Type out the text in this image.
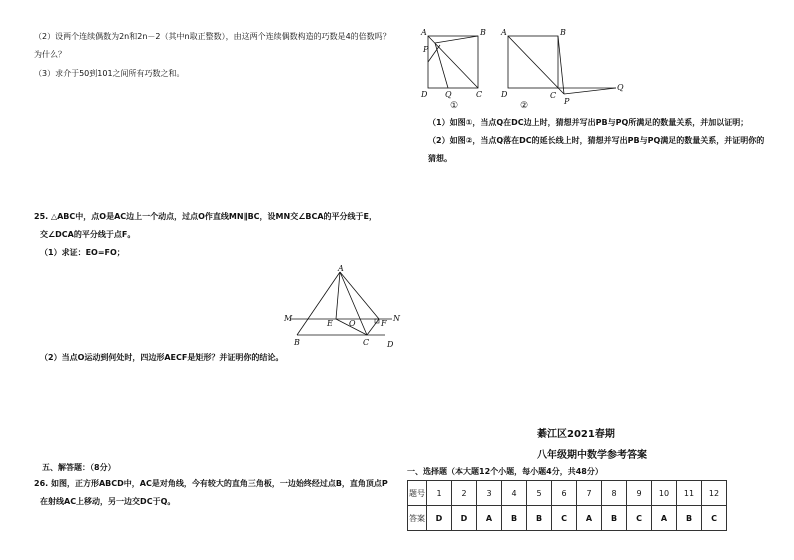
（2）设两个连续偶数为2n和2n－2（其中n取正整数），由这两个连续偶数构造的巧数是4的倍数吗？
为什么？
（3）求介于50到101之间所有巧数之和。
25. △ABC中，点O是AC边上一个动点，过点O作直线MN∥BC，设MN交∠BCA的平分线于E，
交∠DCA的平分线于点F。
（1）求证：EO=FO；
（2）当点O运动到何处时，四边形AECF是矩形？并证明你的结论。
五、解答题：（8分）
26. 如图，正方形ABCD中，AC是对角线，今有较大的直角三角板，一边始终经过点B，直角顶点P
在射线AC上移动，另一边交DC于Q。
A
M
E O	F
N
B	C D
A	B
P
D Q	C
①
A	B
D	C
P
Q
②
（1）如图①，当点Q在DC边上时，猜想并写出PB与PQ所满足的数量关系，并加以证明；
（2）如图②，当点Q落在DC的延长线上时，猜想并写出PB与PQ满足的数量关系，并证明你的
猜想。
綦江区2021春期
八年级期中数学参考答案
一、选择题（本大题12个小题，每小题4分，共48分）
题号	1	2	3	4	5	6	7	8	9	10	11	12
答案	D	D	A	B	B	C	A	B	C	A	B	C
